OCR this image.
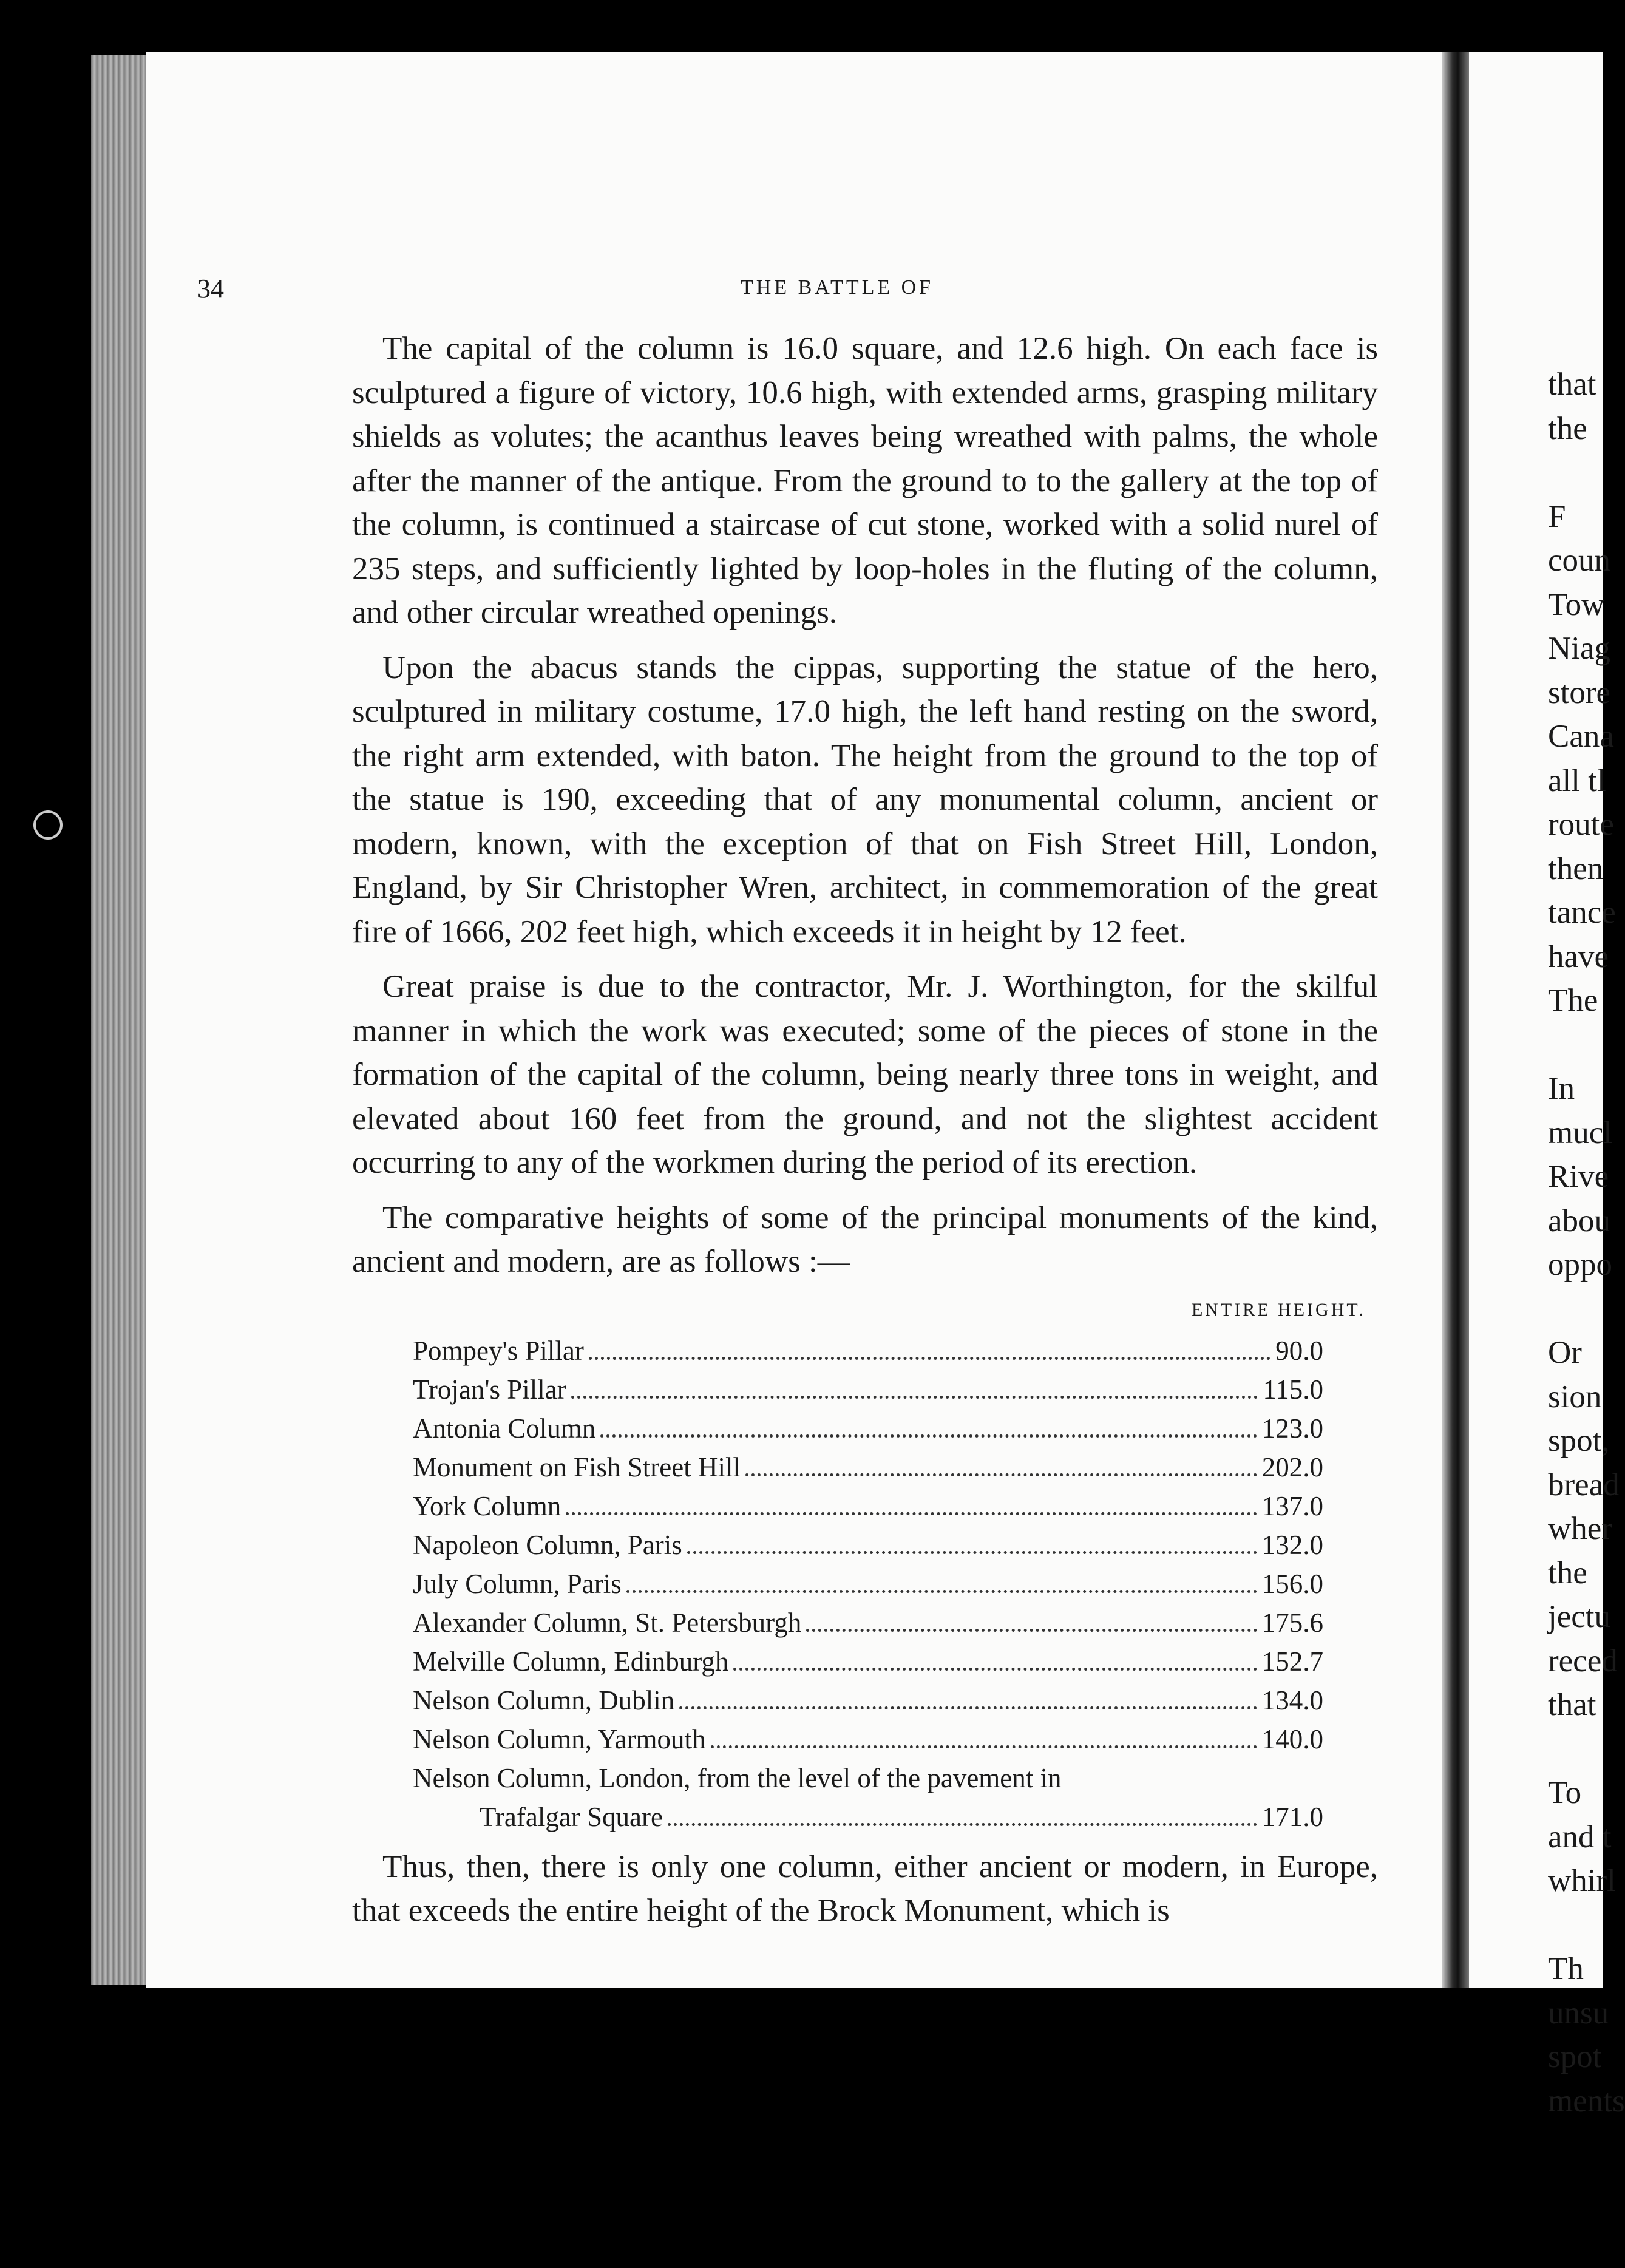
that
the

F
coun
Tow
Niag
store
Cana
all tl
route
then
tance
have
The

In
mucl
Rive
abou
oppo

Or
sion
spot,
bread
wher
the
jectu
reced
that

To
and t
whirl

Th
unsu
spot
ments
34	THE BATTLE OF

The capital of the column is 16.0 square, and 12.6 high. On each face is sculptured a figure of victory, 10.6 high, with extended arms, grasping military shields as volutes; the acanthus leaves being wreathed with palms, the whole after the manner of the antique. From the ground to to the gallery at the top of the column, is continued a staircase of cut stone, worked with a solid nurel of 235 steps, and sufficiently lighted by loop-holes in the fluting of the column, and other circular wreathed openings.

Upon the abacus stands the cippas, supporting the statue of the hero, sculptured in military costume, 17.0 high, the left hand resting on the sword, the right arm extended, with baton. The height from the ground to the top of the statue is 190, exceeding that of any monumental column, ancient or modern, known, with the exception of that on Fish Street Hill, London, England, by Sir Christopher Wren, architect, in commemoration of the great fire of 1666, 202 feet high, which exceeds it in height by 12 feet.

Great praise is due to the contractor, Mr. J. Worthington, for the skilful manner in which the work was executed; some of the pieces of stone in the formation of the capital of the column, being nearly three tons in weight, and elevated about 160 feet from the ground, and not the slightest accident occurring to any of the workmen during the period of its erection.

The comparative heights of some of the principal monuments of the kind, ancient and modern, are as follows :—

ENTIRE HEIGHT.
Pompey's Pillar	90.0
Trojan's Pillar	115.0
Antonia Column	123.0
Monument on Fish Street Hill	202.0
York Column	137.0
Napoleon Column, Paris	132.0
July Column, Paris	156.0
Alexander Column, St. Petersburgh	175.6
Melville Column, Edinburgh	152.7
Nelson Column, Dublin	134.0
Nelson Column, Yarmouth	140.0
Nelson Column, London, from the level of the pavement in
Trafalgar Square	171.0

Thus, then, there is only one column, either ancient or modern, in Europe, that exceeds the entire height of the Brock Monument, which is
